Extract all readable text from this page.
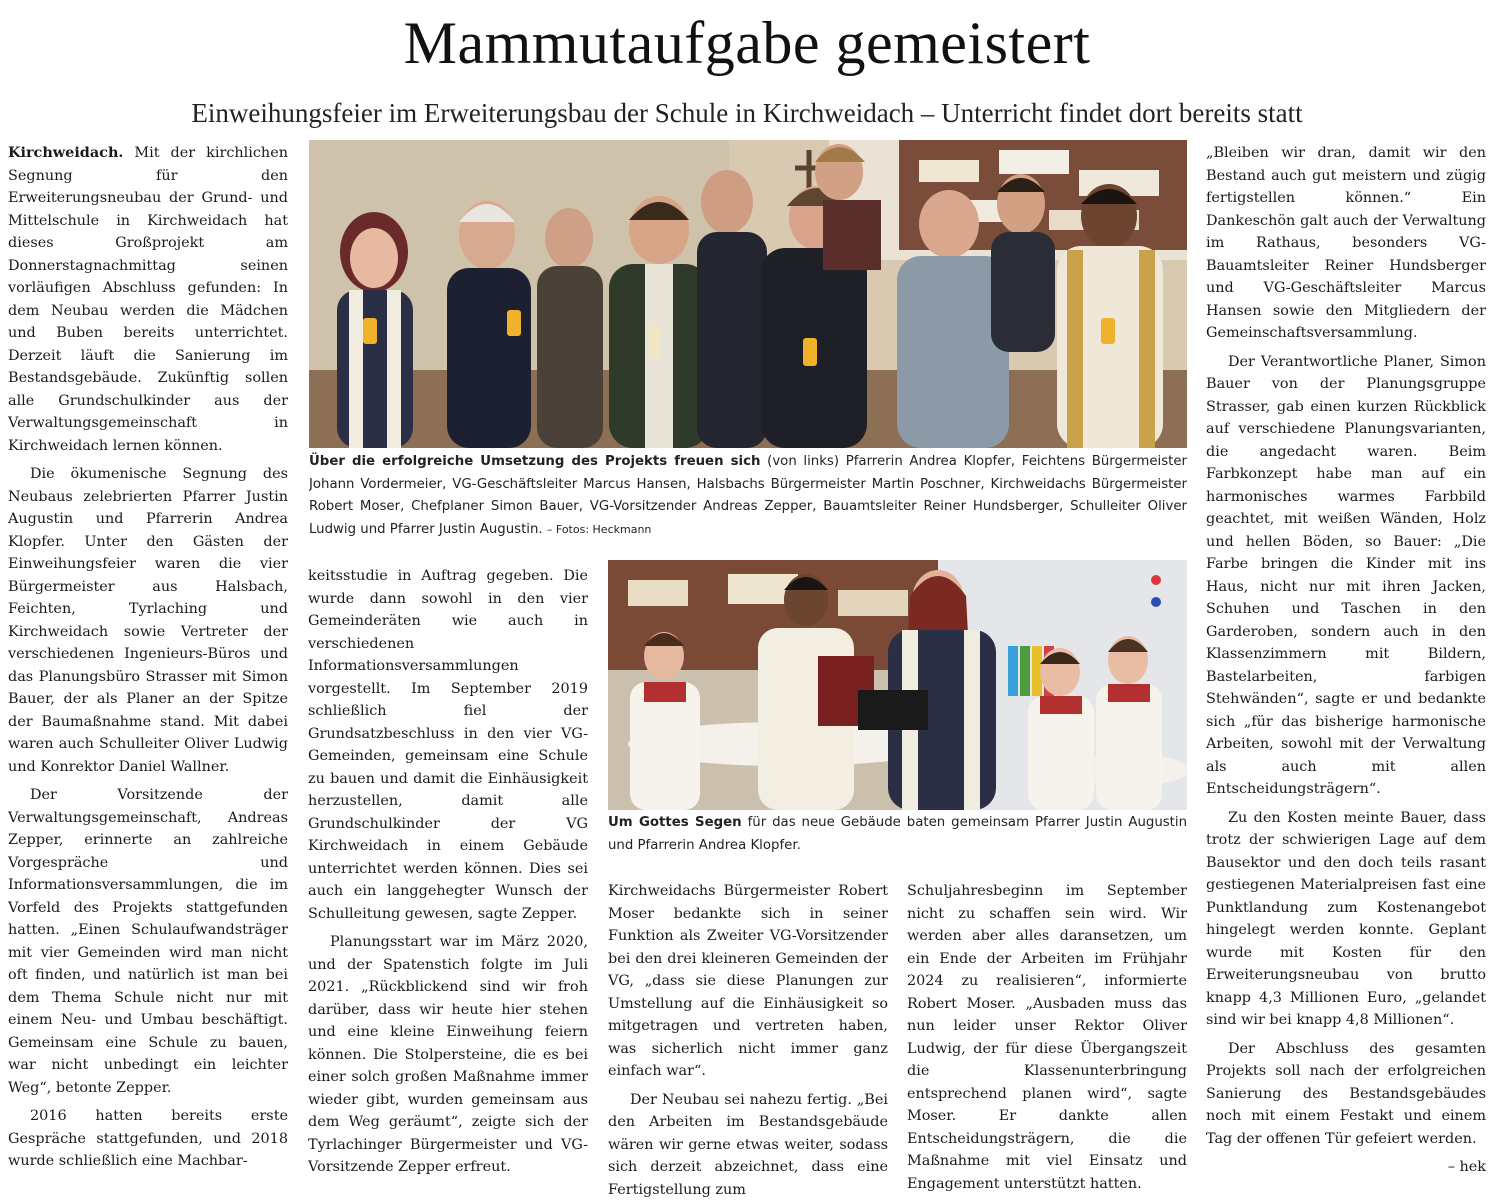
Mammutaufgabe gemeistert
Einweihungsfeier im Erweiterungsbau der Schule in Kirchweidach – Unterricht findet dort bereits statt

Kirchweidach. Mit der kirchlichen Segnung für den Erweiterungsneubau der Grund- und Mittelschule in Kirchweidach hat dieses Großprojekt am Donnerstagnachmittag seinen vorläufigen Abschluss gefunden: In dem Neubau werden die Mädchen und Buben bereits unterrichtet. Derzeit läuft die Sanierung im Bestandsgebäude. Zukünftig sollen alle Grundschulkinder aus der Verwaltungsgemeinschaft in Kirchweidach lernen können.

Die ökumenische Segnung des Neubaus zelebrierten Pfarrer Justin Augustin und Pfarrerin Andrea Klopfer. Unter den Gästen der Einweihungsfeier waren die vier Bürgermeister aus Halsbach, Feichten, Tyrlaching und Kirchweidach sowie Vertreter der verschiedenen Ingenieurs-Büros und das Planungsbüro Strasser mit Simon Bauer, der als Planer an der Spitze der Baumaßnahme stand. Mit dabei waren auch Schulleiter Oliver Ludwig und Konrektor Daniel Wallner.

Der Vorsitzende der Verwaltungsgemeinschaft, Andreas Zepper, erinnerte an zahlreiche Vorgespräche und Informationsversammlungen, die im Vorfeld des Projekts stattgefunden hatten. „Einen Schulaufwandsträger mit vier Gemeinden wird man nicht oft finden, und natürlich ist man bei dem Thema Schule nicht nur mit einem Neu- und Umbau beschäftigt. Gemeinsam eine Schule zu bauen, war nicht unbedingt ein leichter Weg“, betonte Zepper.

2016 hatten bereits erste Gespräche stattgefunden, und 2018 wurde schließlich eine Machbar-

Über die erfolgreiche Umsetzung des Projekts freuen sich (von links) Pfarrerin Andrea Klopfer, Feichtens Bürgermeister Johann Vordermeier, VG-Geschäftsleiter Marcus Hansen, Halsbachs Bürgermeister Martin Poschner, Kirchweidachs Bürgermeister Robert Moser, Chefplaner Simon Bauer, VG-Vorsitzender Andreas Zepper, Bauamtsleiter Reiner Hundsberger, Schulleiter Oliver Ludwig und Pfarrer Justin Augustin. – Fotos: Heckmann

keitsstudie in Auftrag gegeben. Die wurde dann sowohl in den vier Gemeinderäten wie auch in verschiedenen Informationsversammlungen vorgestellt. Im September 2019 schließlich fiel der Grundsatzbeschluss in den vier VG-Gemeinden, gemeinsam eine Schule zu bauen und damit die Einhäusigkeit herzustellen, damit alle Grundschulkinder der VG Kirchweidach in einem Gebäude unterrichtet werden können. Dies sei auch ein langgehegter Wunsch der Schulleitung gewesen, sagte Zepper.

Planungsstart war im März 2020, und der Spatenstich folgte im Juli 2021. „Rückblickend sind wir froh darüber, dass wir heute hier stehen und eine kleine Einweihung feiern können. Die Stolpersteine, die es bei einer solch großen Maßnahme immer wieder gibt, wurden gemeinsam aus dem Weg geräumt“, zeigte sich der Tyrlachinger Bürgermeister und VG-Vorsitzende Zepper erfreut.

Um Gottes Segen für das neue Gebäude baten gemeinsam Pfarrer Justin Augustin und Pfarrerin Andrea Klopfer.

Kirchweidachs Bürgermeister Robert Moser bedankte sich in seiner Funktion als Zweiter VG-Vorsitzender bei den drei kleineren Gemeinden der VG, „dass sie diese Planungen zur Umstellung auf die Einhäusigkeit so mitgetragen und vertreten haben, was sicherlich nicht immer ganz einfach war“.

Der Neubau sei nahezu fertig. „Bei den Arbeiten im Bestandsgebäude wären wir gerne etwas weiter, sodass sich derzeit abzeichnet, dass eine Fertigstellung zum

Schuljahresbeginn im September nicht zu schaffen sein wird. Wir werden aber alles daransetzen, um ein Ende der Arbeiten im Frühjahr 2024 zu realisieren“, informierte Robert Moser. „Ausbaden muss das nun leider unser Rektor Oliver Ludwig, der für diese Übergangszeit die Klassenunterbringung entsprechend planen wird“, sagte Moser. Er dankte allen Entscheidungsträgern, die die Maßnahme mit viel Einsatz und Engagement unterstützt hatten.

„Bleiben wir dran, damit wir den Bestand auch gut meistern und zügig fertigstellen können.“ Ein Dankeschön galt auch der Verwaltung im Rathaus, besonders VG-Bauamtsleiter Reiner Hundsberger und VG-Geschäftsleiter Marcus Hansen sowie den Mitgliedern der Gemeinschaftsversammlung.

Der Verantwortliche Planer, Simon Bauer von der Planungsgruppe Strasser, gab einen kurzen Rückblick auf verschiedene Planungsvarianten, die angedacht waren. Beim Farbkonzept habe man auf ein harmonisches warmes Farbbild geachtet, mit weißen Wänden, Holz und hellen Böden, so Bauer: „Die Farbe bringen die Kinder mit ins Haus, nicht nur mit ihren Jacken, Schuhen und Taschen in den Garderoben, sondern auch in den Klassenzimmern mit Bildern, Bastelarbeiten, farbigen Stehwänden“, sagte er und bedankte sich „für das bisherige harmonische Arbeiten, sowohl mit der Verwaltung als auch mit allen Entscheidungsträgern“.

Zu den Kosten meinte Bauer, dass trotz der schwierigen Lage auf dem Bausektor und den doch teils rasant gestiegenen Materialpreisen fast eine Punktlandung zum Kostenangebot hingelegt werden konnte. Geplant wurde mit Kosten für den Erweiterungsneubau von brutto knapp 4,3 Millionen Euro, „gelandet sind wir bei knapp 4,8 Millionen“.

Der Abschluss des gesamten Projekts soll nach der erfolgreichen Sanierung des Bestandsgebäudes noch mit einem Festakt und einem Tag der offenen Tür gefeiert werden.

– hek
